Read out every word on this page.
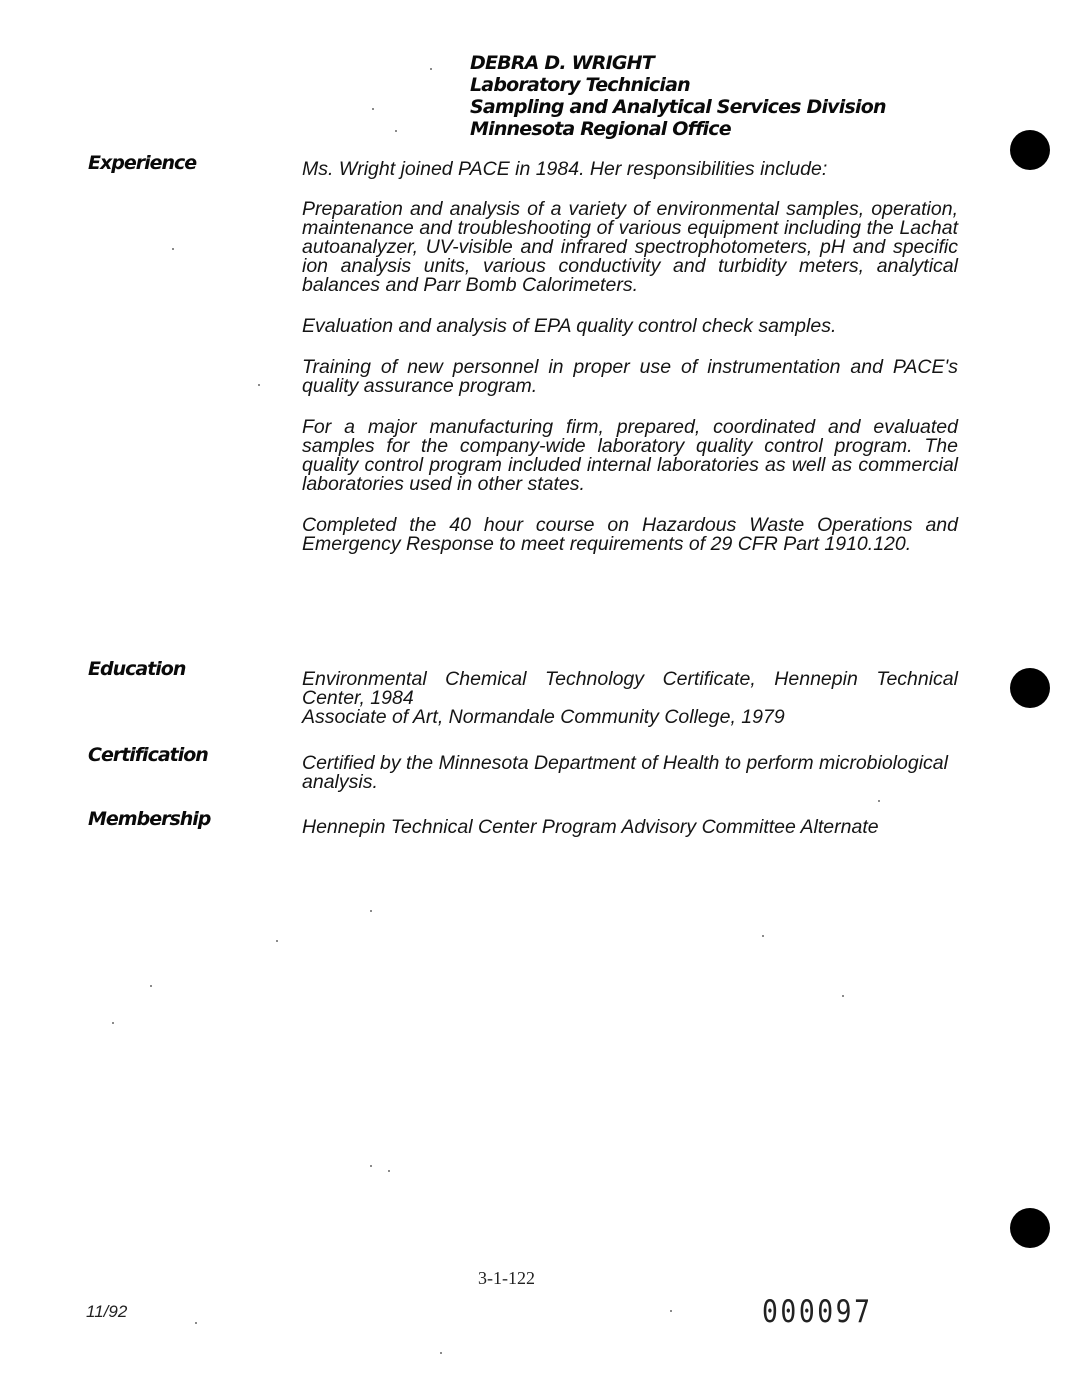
DEBRA D. WRIGHT
Laboratory Technician
Sampling and Analytical Services Division
Minnesota Regional Office
Experience	Ms. Wright joined PACE in 1984. Her responsibilities include:

Preparation and analysis of a variety of environmental samples, operation, maintenance and troubleshooting of various equipment including the Lachat autoanalyzer, UV-visible and infrared spectrophotometers, pH and specific ion analysis units, various conductivity and turbidity meters, analytical balances and Parr Bomb Calorimeters.

Evaluation and analysis of EPA quality control check samples.

Training of new personnel in proper use of instrumentation and PACE's quality assurance program.

For a major manufacturing firm, prepared, coordinated and evaluated samples for the company-wide laboratory quality control program. The quality control program included internal laboratories as well as commercial laboratories used in other states.

Completed the 40 hour course on Hazardous Waste Operations and Emergency Response to meet requirements of 29 CFR Part 1910.120.

Education	Environmental Chemical Technology Certificate, Hennepin Technical Center, 1984
Associate of Art, Normandale Community College, 1979
Certification	Certified by the Minnesota Department of Health to perform microbiological analysis.
Membership	Hennepin Technical Center Program Advisory Committee Alternate
3-1-122
11/92	000097
